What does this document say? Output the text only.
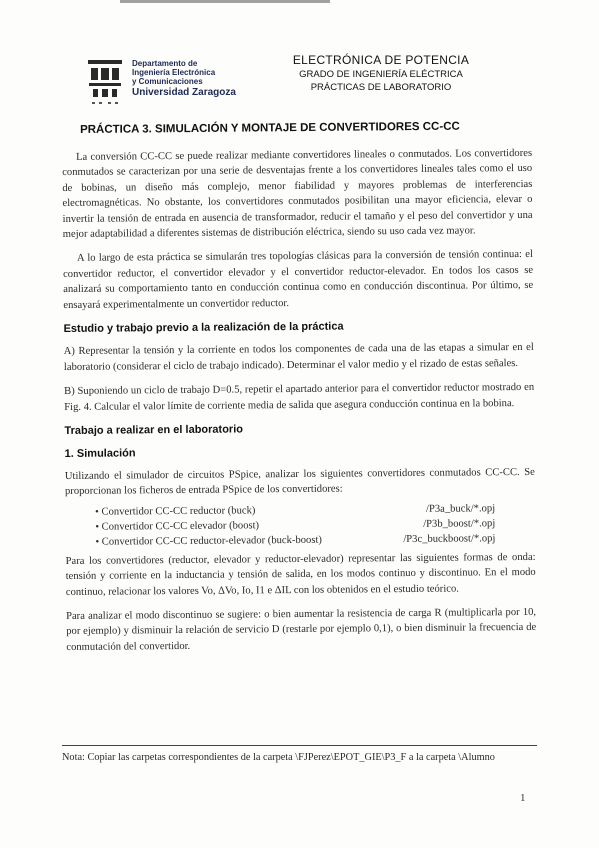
Departamento de
Ingeniería Electrónica
y Comunicaciones
Universidad Zaragoza
ELECTRÓNICA DE POTENCIA
GRADO DE INGENIERÍA ELÉCTRICA
PRÁCTICAS DE LABORATORIO
PRÁCTICA 3. SIMULACIÓN Y MONTAJE DE CONVERTIDORES CC-CC

La conversión CC-CC se puede realizar mediante convertidores lineales o conmutados. Los convertidores conmutados se caracterizan por una serie de desventajas frente a los convertidores lineales tales como el uso de bobinas, un diseño más complejo, menor fiabilidad y mayores problemas de interferencias electromagnéticas. No obstante, los convertidores conmutados posibilitan una mayor eficiencia, elevar o invertir la tensión de entrada en ausencia de transformador, reducir el tamaño y el peso del convertidor y una mejor adaptabilidad a diferentes sistemas de distribución eléctrica, siendo su uso cada vez mayor.

A lo largo de esta práctica se simularán tres topologías clásicas para la conversión de tensión continua: el convertidor reductor, el convertidor elevador y el convertidor reductor-elevador. En todos los casos se analizará su comportamiento tanto en conducción continua como en conducción discontinua. Por último, se ensayará experimentalmente un convertidor reductor.

Estudio y trabajo previo a la realización de la práctica

A) Representar la tensión y la corriente en todos los componentes de cada una de las etapas a simular en el laboratorio (considerar el ciclo de trabajo indicado). Determinar el valor medio y el rizado de estas señales.

B) Suponiendo un ciclo de trabajo D=0.5, repetir el apartado anterior para el convertidor reductor mostrado en Fig. 4. Calcular el valor límite de corriente media de salida que asegura conducción continua en la bobina.

Trabajo a realizar en el laboratorio
1. Simulación

Utilizando el simulador de circuitos PSpice, analizar los siguientes convertidores conmutados CC-CC. Se proporcionan los ficheros de entrada PSpice de los convertidores:

• Convertidor CC-CC reductor (buck)	/P3a_buck/*.opj
• Convertidor CC-CC elevador (boost)	/P3b_boost/*.opj
• Convertidor CC-CC reductor-elevador (buck-boost)	/P3c_buckboost/*.opj

Para los convertidores (reductor, elevador y reductor-elevador) representar las siguientes formas de onda: tensión y corriente en la inductancia y tensión de salida, en los modos continuo y discontinuo. En el modo continuo, relacionar los valores Vo, ΔVo, Io, I1 e ΔIL con los obtenidos en el estudio teórico.

Para analizar el modo discontinuo se sugiere: o bien aumentar la resistencia de carga R (multiplicarla por 10, por ejemplo) y disminuir la relación de servicio D (restarle por ejemplo 0,1), o bien disminuir la frecuencia de conmutación del convertidor.

Nota: Copiar las carpetas correspondientes de la carpeta \FJPerez\EPOT_GIE\P3_F a la carpeta \Alumno
1
